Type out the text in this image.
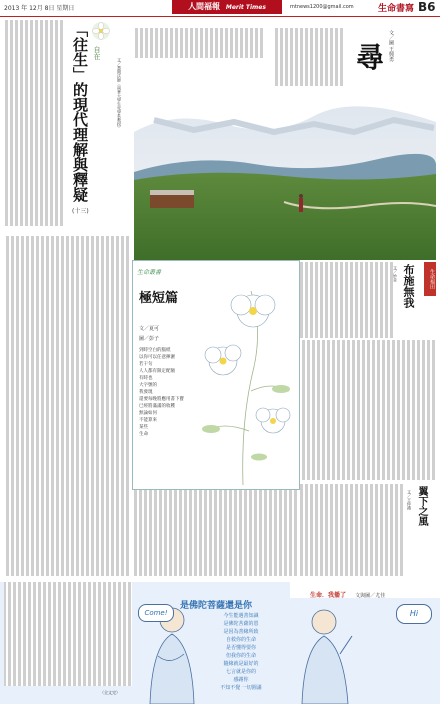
2013 年 12月 8日 星期日	人間福報 Merit Times	mtnews1200@gmail.com	生命書寫 B6
尋
文／圖 王興勇
「往生」的現代理解與釋疑
(十三)
自在
文／慧開法師（南華大學生死學系教授）
生命叢書
極短篇
文／夏可
圖／彭子
到時空白的腦紙
以你可以任意揮灑
若干句
人人都有限定配額
有時也
大字號的
我發現
還要每晚將應用書下寶
已經將滿滿的收穫
無論如何
不能算來
某些
生命
生命福田
布施無我
文／妙音
翼下之風
文／王仲禮
生命．我播了 文與圖／尤佳
是佛陀菩薩還是你
今生能遇善知識
是佛陀菩薩的恩
是因為善緣所致
自救你的生命
是否懂得要你
但我你的生命
隨緣就是最好的
七言就是你的
感謝你
不知不覺 一切圓滿
Come!	Hi
（全文完）
